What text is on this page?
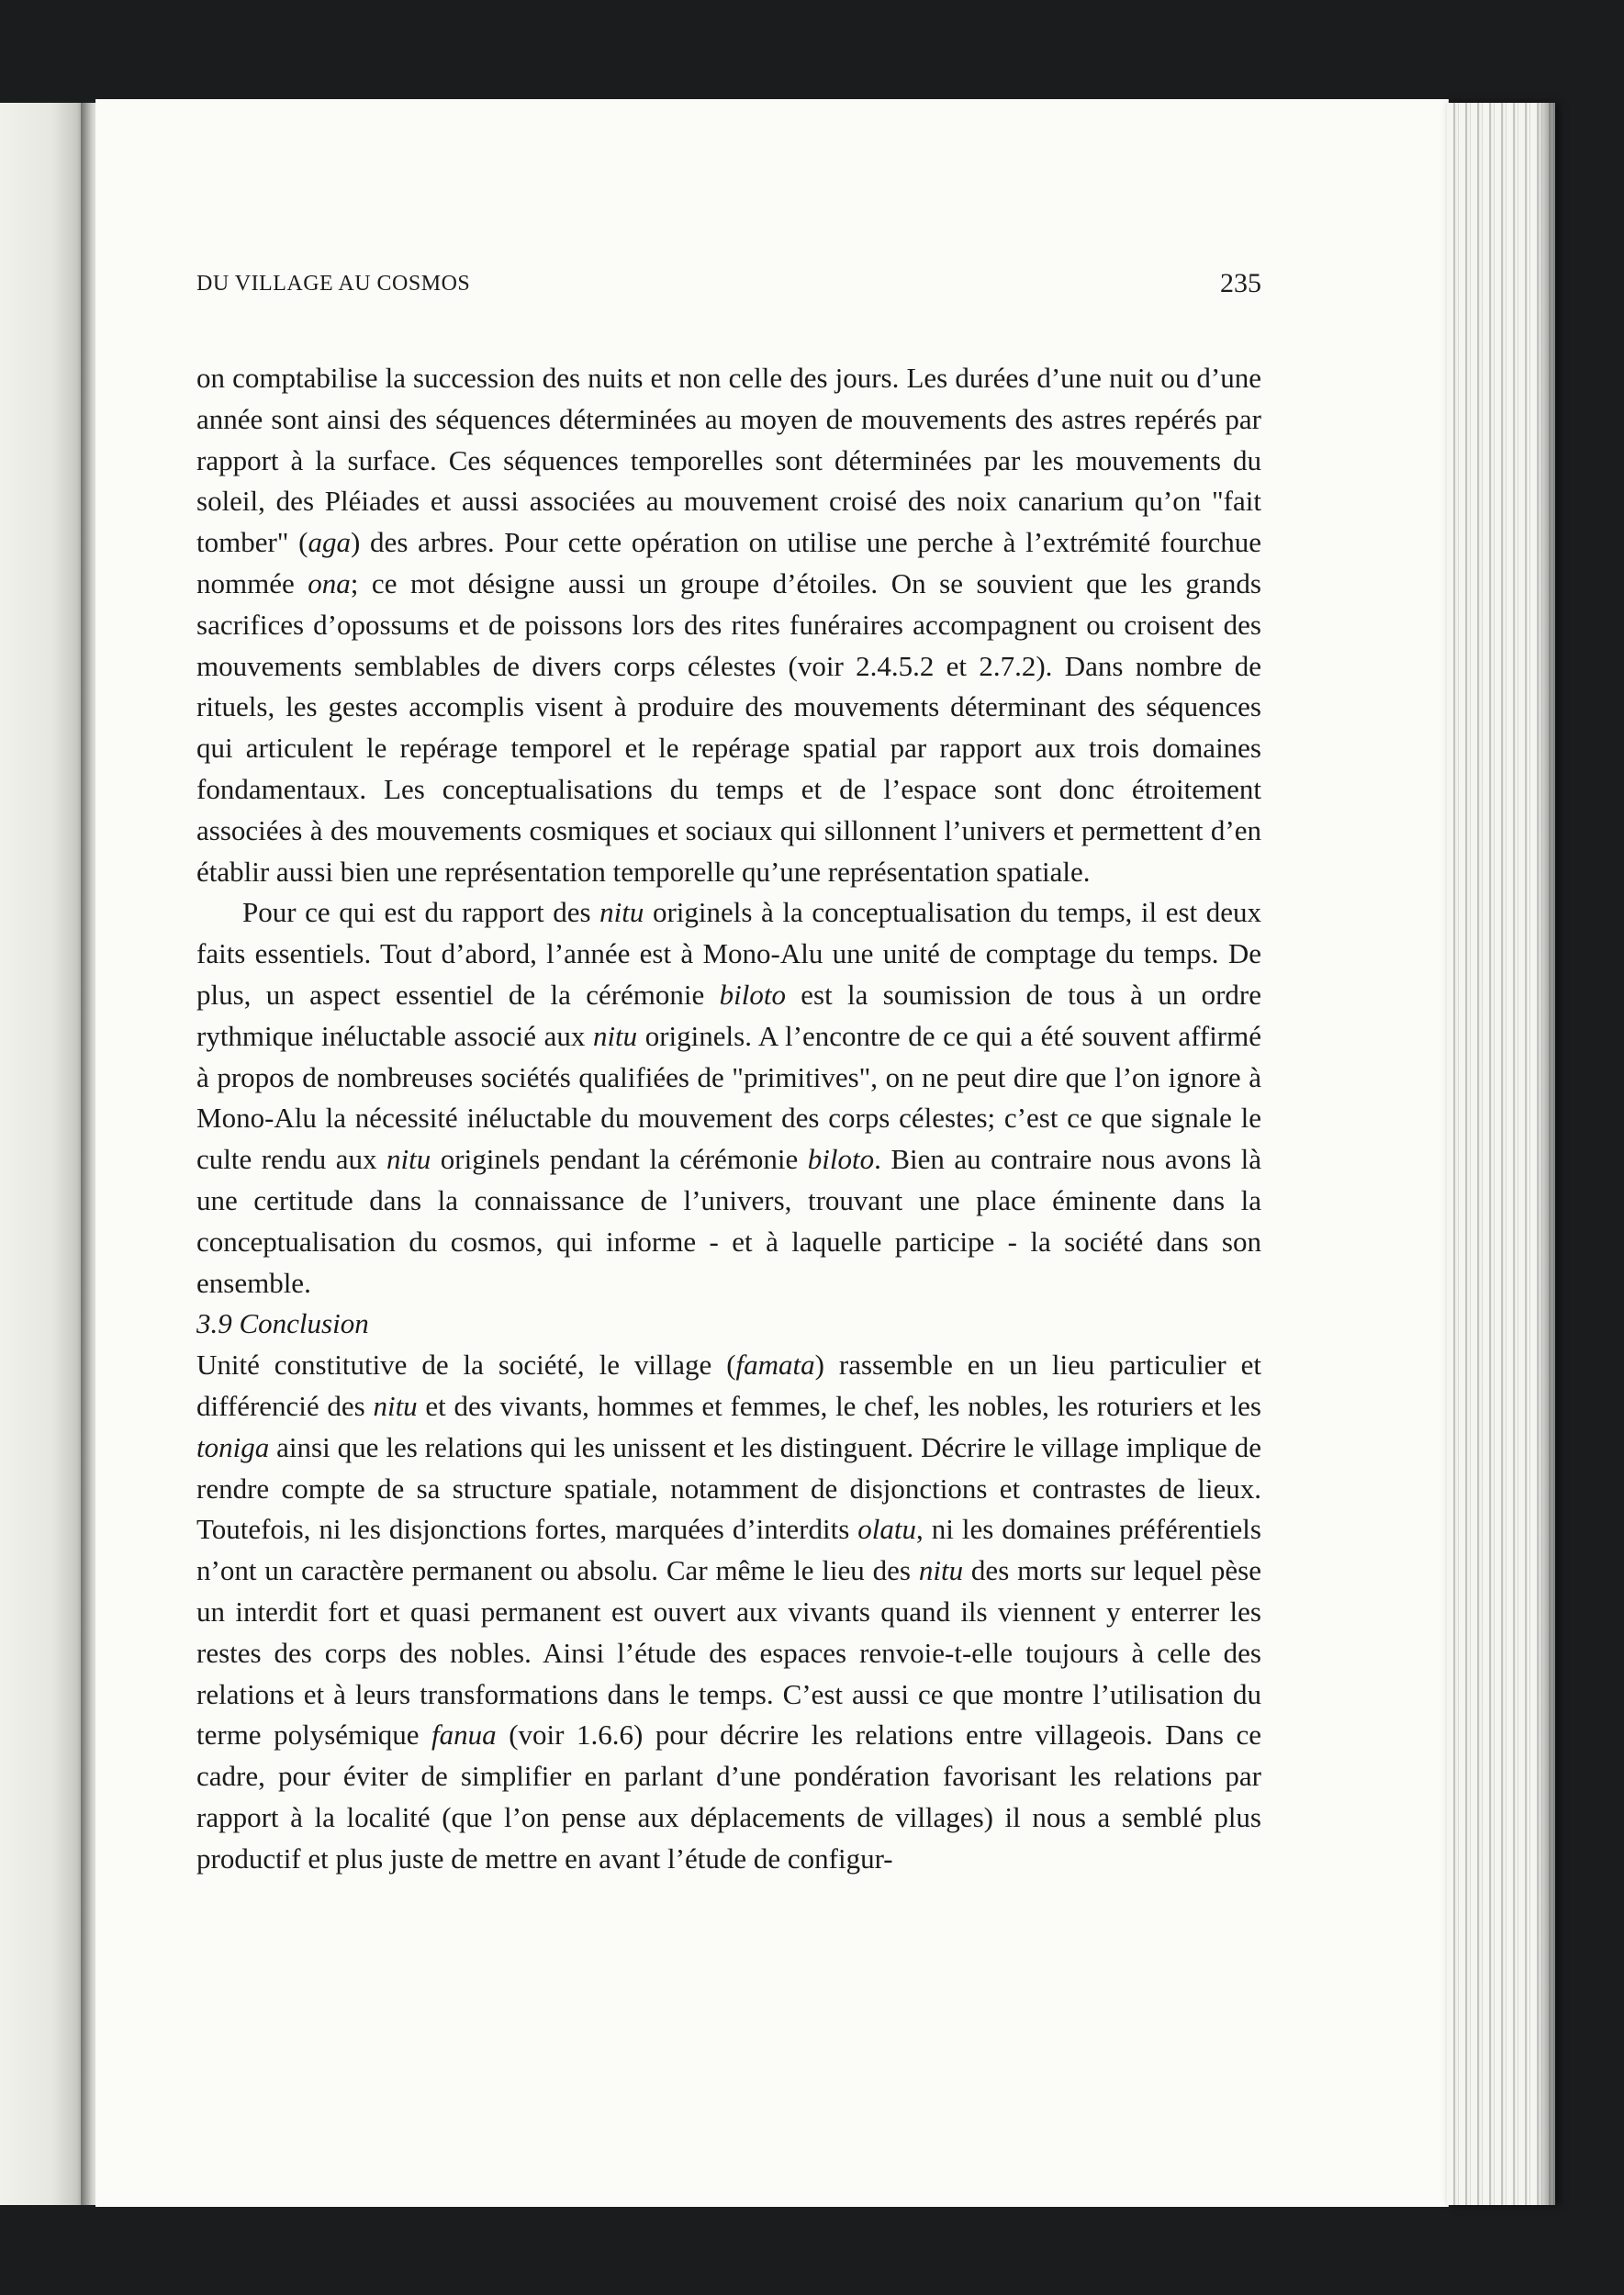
DU VILLAGE AU COSMOS	235

on comptabilise la succession des nuits et non celle des jours. Les durées d’une nuit ou d’une année sont ainsi des séquences déterminées au moyen de mouvements des astres repérés par rapport à la surface. Ces séquences temporelles sont déterminées par les mouvements du soleil, des Pléiades et aussi associées au mouvement croisé des noix canarium qu’on "fait tomber" (aga) des arbres. Pour cette opération on utilise une perche à l’extrémité fourchue nommée ona; ce mot désigne aussi un groupe d’étoiles. On se souvient que les grands sacrifices d’opossums et de poissons lors des rites funéraires accompagnent ou croisent des mouvements semblables de divers corps célestes (voir 2.4.5.2 et 2.7.2). Dans nombre de rituels, les gestes accomplis visent à produire des mouvements déterminant des séquences qui articulent le repérage temporel et le repérage spatial par rapport aux trois domaines fondamentaux. Les conceptualisations du temps et de l’espace sont donc étroitement associées à des mouvements cosmiques et sociaux qui sillonnent l’univers et permettent d’en établir aussi bien une représentation temporelle qu’une représentation spatiale.

Pour ce qui est du rapport des nitu originels à la conceptualisation du temps, il est deux faits essentiels. Tout d’abord, l’année est à Mono-Alu une unité de comptage du temps. De plus, un aspect essentiel de la cérémonie biloto est la soumission de tous à un ordre rythmique inéluctable associé aux nitu originels. A l’encontre de ce qui a été souvent affirmé à propos de nombreuses sociétés qualifiées de "primitives", on ne peut dire que l’on ignore à Mono-Alu la nécessité inéluctable du mouvement des corps célestes; c’est ce que signale le culte rendu aux nitu originels pendant la cérémonie biloto. Bien au contraire nous avons là une certitude dans la connaissance de l’univers, trouvant une place éminente dans la conceptualisation du cosmos, qui informe - et à laquelle participe - la société dans son ensemble.

3.9 Conclusion

Unité constitutive de la société, le village (famata) rassemble en un lieu particulier et différencié des nitu et des vivants, hommes et femmes, le chef, les nobles, les roturiers et les toniga ainsi que les relations qui les unissent et les distinguent. Décrire le village implique de rendre compte de sa structure spatiale, notamment de disjonctions et contrastes de lieux. Toutefois, ni les disjonctions fortes, marquées d’interdits olatu, ni les domaines préférentiels n’ont un caractère permanent ou absolu. Car même le lieu des nitu des morts sur lequel pèse un interdit fort et quasi permanent est ouvert aux vivants quand ils viennent y enterrer les restes des corps des nobles. Ainsi l’étude des espaces renvoie-t-elle toujours à celle des relations et à leurs transformations dans le temps. C’est aussi ce que montre l’utilisation du terme polysémique fanua (voir 1.6.6) pour décrire les relations entre villageois. Dans ce cadre, pour éviter de simplifier en parlant d’une pondération favorisant les relations par rapport à la localité (que l’on pense aux déplacements de villages) il nous a semblé plus productif et plus juste de mettre en avant l’étude de configur-
